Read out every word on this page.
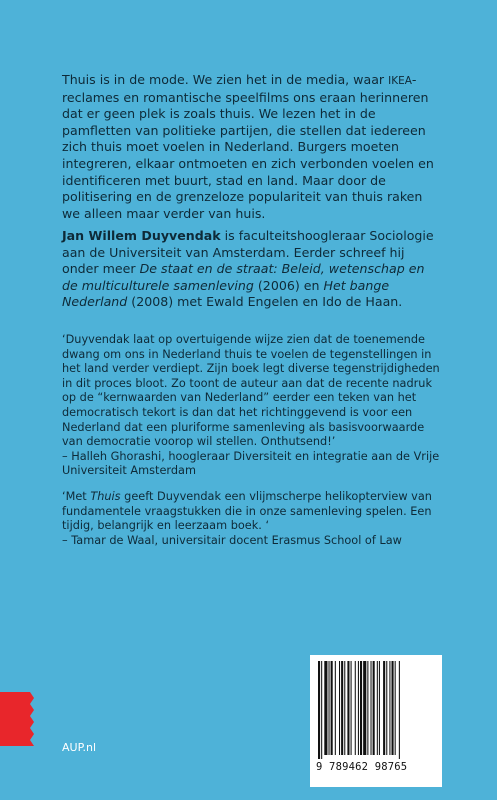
Thuis is in de mode. We zien het in de media, waar IKEA-reclames en romantische speelfilms ons eraan herinneren dat er geen plek is zoals thuis. We lezen het in de pamfletten van politieke partijen, die stellen dat iedereen zich thuis moet voelen in Nederland. Burgers moeten integreren, elkaar ontmoeten en zich verbonden voelen en identificeren met buurt, stad en land. Maar door de politisering en de grenzeloze populariteit van thuis raken we alleen maar verder van huis.

Jan Willem Duyvendak is faculteitshoogleraar Sociologie aan de Universiteit van Amsterdam. Eerder schreef hij onder meer De staat en de straat: Beleid, wetenschap en de multiculturele samenleving (2006) en Het bange Nederland (2008) met Ewald Engelen en Ido de Haan.

‘Duyvendak laat op overtuigende wijze zien dat de toenemende dwang om ons in Nederland thuis te voelen de tegenstellingen in het land verder verdiept. Zijn boek legt diverse tegenstrijdigheden in dit proces bloot. Zo toont de auteur aan dat de recente nadruk op de “kernwaarden van Nederland” eerder een teken van het democratisch tekort is dan dat het richtinggevend is voor een Nederland dat een pluriforme samenleving als basisvoorwaarde van democratie voorop wil stellen. Onthutsend!’
– Halleh Ghorashi, hoogleraar Diversiteit en integratie aan de Vrije Universiteit Amsterdam

‘Met Thuis geeft Duyvendak een vlijmscherpe helikopterview van fundamentele vraagstukken die in onze samenleving spelen. Een tijdig, belangrijk en leerzaam boek. ‘
– Tamar de Waal, universitair docent Erasmus School of Law

AUP.nl
9 789462 98765
